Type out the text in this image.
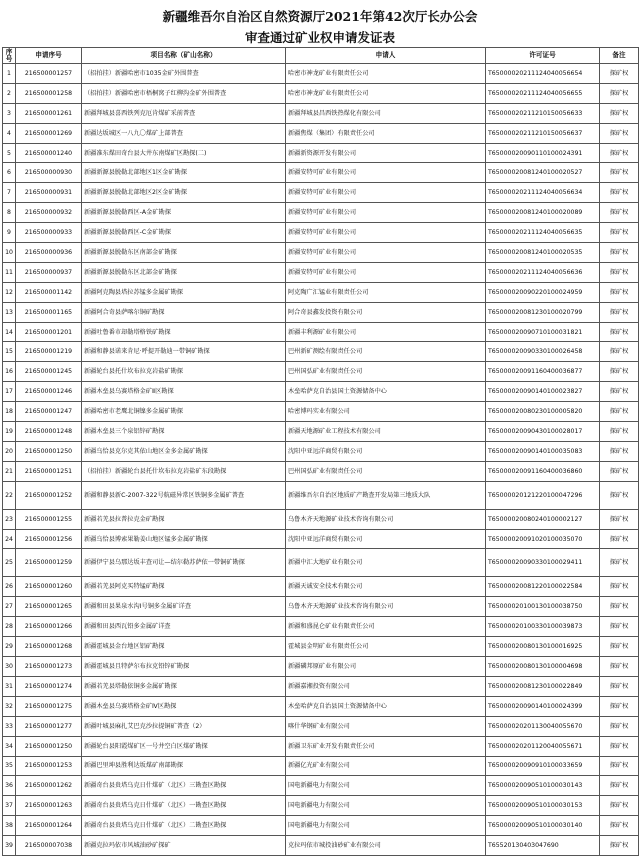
新疆维吾尔自治区自然资源厅2021年第42次厅长办公会
审查通过矿业权申请发证表
序号	申请序号	项目名称（矿山名称）	申请人	许可证号	备注
1	216500001257	（招拍挂）新疆哈密市1035金矿外围普查	哈密市神龙矿业有限责任公司	T65000020211124040056654	探矿权
2	216500001258	（招拍挂）新疆哈密市梧桐窝子红柳沟金矿外围普查	哈密市神龙矿业有限责任公司	T65000020211124040056655	探矿权
3	216500001261	新疆拜城县喜西铁列克厄肯煤矿采前普查	新疆拜城县昌西铁热煤化有限公司	T65000020211210150056633	探矿权
4	216500001269	新疆达坂城区一八九〇煤矿上部普查	新疆焦煤（集团）有限责任公司	T65000020211210150056637	探矿权
5	216500001240	新疆准东煤田奇台县大井东南煤矿区勘探(二)	新疆新资源开发有限公司	T65000020090110100024391	探矿权
6	216500000930	新疆新源县脱勒北部地区1区金矿勘探	新疆安特可矿业有限公司	T65000020081240100020527	探矿权
7	216500000931	新疆新源县脱勒北部地区2区金矿勘探	新疆安特可矿业有限公司	T65000020211124040056634	探矿权
8	216500000932	新疆新源县脱勒西区-A金矿勘探	新疆安特可矿业有限公司	T65000020081240100020089	探矿权
9	216500000933	新疆新源县脱勒西区-C金矿勘探	新疆安特可矿业有限公司	T65000020211124040056635	探矿权
10	216500000936	新疆新源县脱勒东区南部金矿勘探	新疆安特可矿业有限公司	T65000020081240100020535	探矿权
11	216500000937	新疆新源县脱勒东区北部金矿勘探	新疆安特可矿业有限公司	T65000020211124040056636	探矿权
12	216500001142	新疆阿克陶县塔拉苏锰多金属矿勘探	阿克陶广汇锰业有限责任公司	T65000020090220100024959	探矿权
13	216500001165	新疆阿合奇县萨喀尔铜矿勘探	阿合奇县鑫发投资有限公司	T65000020081230100020799	探矿权
14	216500001201	新疆吐鲁番市却勒塔格铁矿勘探	新疆丰利源矿业有限公司	T65000020090710100031821	探矿权
15	216500001219	新疆和静县诺来肯尼·呼提开勒迪一带铜矿勘探	巴州新矿测绘有限责任公司	T65000020090330100026458	探矿权
16	216500001245	新疆轮台县托什坎布拉克岩盐矿勘探	巴州国弘矿业有限责任公司	T65000020091160400036877	探矿权
17	216500001246	新疆木垒县乌赛塔格金矿Ⅱ区勘探	木垒哈萨克自治县国土资源储备中心	T65000020090140100023827	探矿权
18	216500001247	新疆哈密市老鹰北铜镍多金属矿勘探	哈密博玛实业有限公司	T65000020080230100005820	探矿权
19	216500001248	新疆木垒县三个泉铝锌矿勘探	新疆天地源矿业工程技术有限公司	T65000020090430100028017	探矿权
20	216500001250	新疆乌恰县克尔克其依山地区金多金属矿勘探	沈阳中亚远洋商贸有限公司	T65000020090140100035083	探矿权
21	216500001251	（招拍挂）新疆轮台县托什坎布拉克岩盐矿东段勘探	巴州国弘矿业有限责任公司	T65000020091160400036860	探矿权
22	216500001252	新疆和静县新C-2007-322号航磁异常区铁铜多金属矿普查	新疆维吾尔自治区地质矿产勘查开发局第三地质大队	T65000020121220100047296	探矿权
23	216500001255	新疆若羌县拉普拉克金矿勘探	乌鲁木齐天地源矿业技术咨询有限公司	T65000020080240100002127	探矿权
24	216500001256	新疆乌恰县博索果勒姜山地区锰多金属矿勘探	沈阳中亚远洋商贸有限公司	T65000020091020100035070	探矿权
25	216500001259	新疆伊宁县乌那达坂丰查司让—结尔勒苏萨依一带铜矿勘探	新疆中汇大地矿业有限公司	T65000020090330100029411	探矿权
26	216500001260	新疆若羌县阿克买特锰矿勘探	新疆天诚安全技术有限公司	T65000020081220100022584	探矿权
27	216500001265	新疆和田县果泉水沟Ⅰ号铜多金属矿详查	乌鲁木齐天地源矿业技术咨询有限公司	T65000020100130100038750	探矿权
28	216500001266	新疆和田县西瓦铅多金属矿详查	新疆和盛昆仑矿业有限责任公司	T65000020100330100039873	探矿权
29	216500001268	新疆霍城县金台地区铝矿勘探	霍城县金明矿业有限责任公司	T65000020080130100016925	探矿权
30	216500001273	新疆霍城县且特萨尔布拉克铅锌矿勘探	新疆磷邦原矿业有限公司	T65000020080130100004698	探矿权
31	216500001274	新疆若羌县塔勒依铜多金属矿勘探	新疆嘉湘投资有限公司	T65000020081230100022849	探矿权
32	216500001275	新疆木垒县乌赛塔格金矿Ⅳ区勘探	木垒哈萨克自治县国土资源储备中心	T65000020090140100024399	探矿权
33	216500001277	新疆叶城县麻扎艾巴克沙拉提铜矿普查（2）	喀什华钢矿业有限公司	T65000020201130040055670	探矿权
34	216500001250	新疆轮台县阳霞煤矿区一号井空白区煤矿勘探	新疆卫东矿业开发有限责任公司	T65000020201120040055671	探矿权
35	216500001253	新疆巴里坤县胜利达坂煤矿南部勘探	新疆亿光矿业有限公司	T65000020090910100033659	探矿权
36	216500001262	新疆奇台县贵塔乌克日什煤矿（北区）三勘查区勘探	国电新疆电力有限公司	T65000020090510100030143	探矿权
37	216500001263	新疆奇台县贵塔乌克日什煤矿（北区）一勘查区勘探	国电新疆电力有限公司	T65000020090510100030153	探矿权
38	216500001264	新疆奇台县贵塔乌克日什煤矿（北区）二勘查区勘探	国电新疆电力有限公司	T65000020090510100030140	探矿权
39	216500007038	新疆克拉玛依市风城油砂矿探矿	克拉玛依市城投油砂矿业有限公司	T65520130403047690	探矿权
